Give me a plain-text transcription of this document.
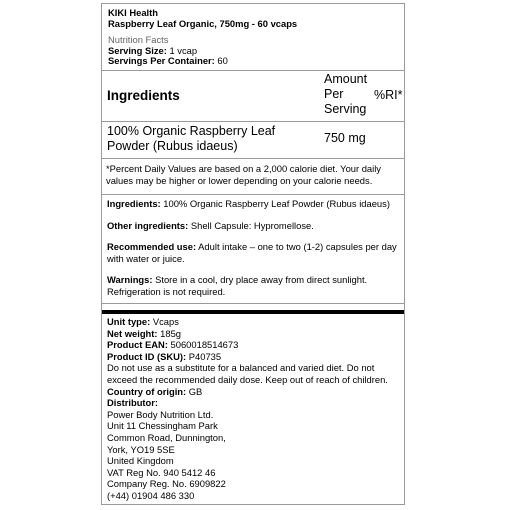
KIKI Health
Raspberry Leaf Organic, 750mg - 60 vcaps
Nutrition Facts
Serving Size: 1 vcap
Servings Per Container: 60
Ingredients
Amount
Per
Serving
%RI*
100% Organic Raspberry Leaf Powder (Rubus idaeus)
750 mg
*Percent Daily Values are based on a 2,000 calorie diet. Your daily values may be higher or lower depending on your calorie needs.
Ingredients: 100% Organic Raspberry Leaf Powder (Rubus idaeus)
Other ingredients: Shell Capsule: Hypromellose.
Recommended use: Adult intake – one to two (1-2) capsules per day with water or juice.
Warnings: Store in a cool, dry place away from direct sunlight. Refrigeration is not required.
Unit type: Vcaps
Net weight: 185g
Product EAN: 5060018514673
Product ID (SKU): P40735
Do not use as a substitute for a balanced and varied diet. Do not exceed the recommended daily dose. Keep out of reach of children.
Country of origin: GB
Distributor:
Power Body Nutrition Ltd.
Unit 11 Chessingham Park
Common Road, Dunnington,
York, YO19 5SE
United Kingdom
VAT Reg No. 940 5412 46
Company Reg. No. 6909822
(+44) 01904 486 330
